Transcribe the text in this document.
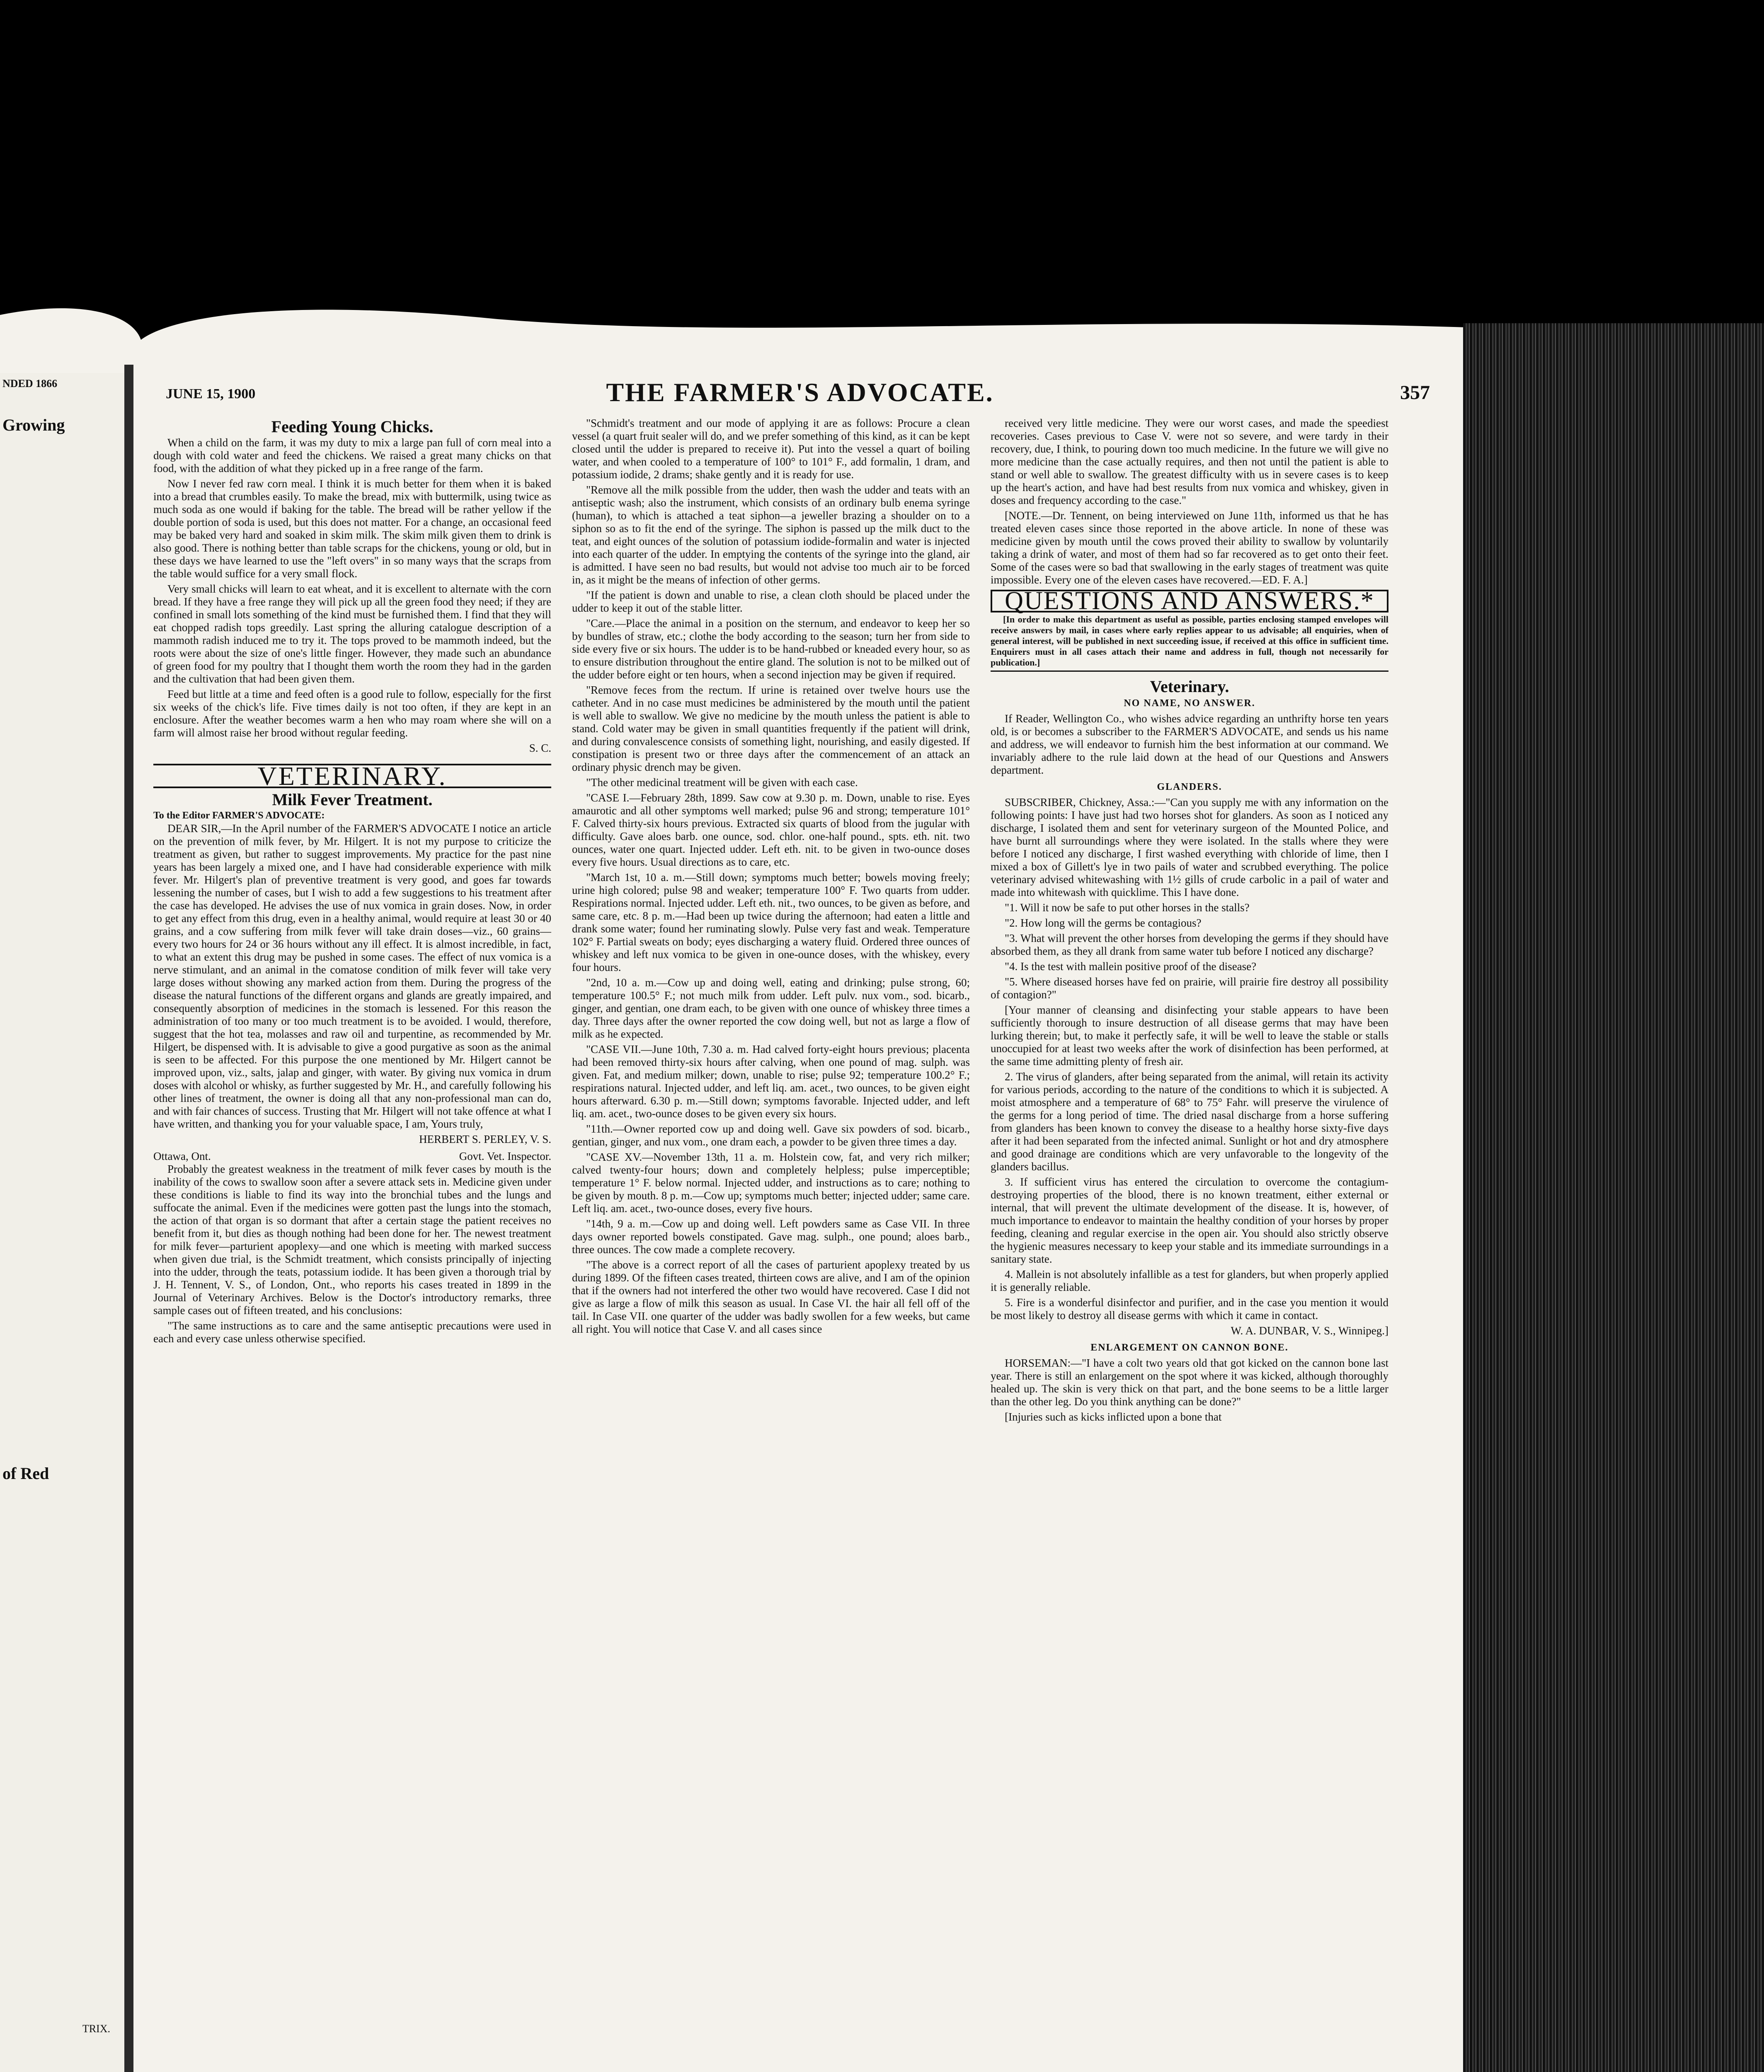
NDED 1866
Growing
of Red
TRIX.
JUNE 15, 1900	THE FARMER'S ADVOCATE.	357
Feeding Young Chicks.

When a child on the farm, it was my duty to mix a large pan full of corn meal into a dough with cold water and feed the chickens. We raised a great many chicks on that food, with the addition of what they picked up in a free range of the farm.

Now I never fed raw corn meal. I think it is much better for them when it is baked into a bread that crumbles easily. To make the bread, mix with buttermilk, using twice as much soda as one would if baking for the table. The bread will be rather yellow if the double portion of soda is used, but this does not matter. For a change, an occasional feed may be baked very hard and soaked in skim milk. The skim milk given them to drink is also good. There is nothing better than table scraps for the chickens, young or old, but in these days we have learned to use the "left overs" in so many ways that the scraps from the table would suffice for a very small flock.

Very small chicks will learn to eat wheat, and it is excellent to alternate with the corn bread. If they have a free range they will pick up all the green food they need; if they are confined in small lots something of the kind must be furnished them. I find that they will eat chopped radish tops greedily. Last spring the alluring catalogue description of a mammoth radish induced me to try it. The tops proved to be mammoth indeed, but the roots were about the size of one's little finger. However, they made such an abundance of green food for my poultry that I thought them worth the room they had in the garden and the cultivation that had been given them.

Feed but little at a time and feed often is a good rule to follow, especially for the first six weeks of the chick's life. Five times daily is not too often, if they are kept in an enclosure. After the weather becomes warm a hen who may roam where she will on a farm will almost raise her brood without regular feeding.

S. C.
VETERINARY.
Milk Fever Treatment.
To the Editor FARMER'S ADVOCATE:

DEAR SIR,—In the April number of the FARMER'S ADVOCATE I notice an article on the prevention of milk fever, by Mr. Hilgert. It is not my purpose to criticize the treatment as given, but rather to suggest improvements. My practice for the past nine years has been largely a mixed one, and I have had considerable experience with milk fever. Mr. Hilgert's plan of preventive treatment is very good, and goes far towards lessening the number of cases, but I wish to add a few suggestions to his treatment after the case has developed. He advises the use of nux vomica in grain doses. Now, in order to get any effect from this drug, even in a healthy animal, would require at least 30 or 40 grains, and a cow suffering from milk fever will take drain doses—viz., 60 grains—every two hours for 24 or 36 hours without any ill effect. It is almost incredible, in fact, to what an extent this drug may be pushed in some cases. The effect of nux vomica is a nerve stimulant, and an animal in the comatose condition of milk fever will take very large doses without showing any marked action from them. During the progress of the disease the natural functions of the different organs and glands are greatly impaired, and consequently absorption of medicines in the stomach is lessened. For this reason the administration of too many or too much treatment is to be avoided. I would, therefore, suggest that the hot tea, molasses and raw oil and turpentine, as recommended by Mr. Hilgert, be dispensed with. It is advisable to give a good purgative as soon as the animal is seen to be affected. For this purpose the one mentioned by Mr. Hilgert cannot be improved upon, viz., salts, jalap and ginger, with water. By giving nux vomica in drum doses with alcohol or whisky, as further suggested by Mr. H., and carefully following his other lines of treatment, the owner is doing all that any non-professional man can do, and with fair chances of success. Trusting that Mr. Hilgert will not take offence at what I have written, and thanking you for your valuable space, I am, Yours truly,

HERBERT S. PERLEY, V. S.
Ottawa, Ont.	Govt. Vet. Inspector.

Probably the greatest weakness in the treatment of milk fever cases by mouth is the inability of the cows to swallow soon after a severe attack sets in. Medicine given under these conditions is liable to find its way into the bronchial tubes and the lungs and suffocate the animal. Even if the medicines were gotten past the lungs into the stomach, the action of that organ is so dormant that after a certain stage the patient receives no benefit from it, but dies as though nothing had been done for her. The newest treatment for milk fever—parturient apoplexy—and one which is meeting with marked success when given due trial, is the Schmidt treatment, which consists principally of injecting into the udder, through the teats, potassium iodide. It has been given a thorough trial by J. H. Tennent, V. S., of London, Ont., who reports his cases treated in 1899 in the Journal of Veterinary Archives. Below is the Doctor's introductory remarks, three sample cases out of fifteen treated, and his conclusions:

"The same instructions as to care and the same antiseptic precautions were used in each and every case unless otherwise specified.

"Schmidt's treatment and our mode of applying it are as follows: Procure a clean vessel (a quart fruit sealer will do, and we prefer something of this kind, as it can be kept closed until the udder is prepared to receive it). Put into the vessel a quart of boiling water, and when cooled to a temperature of 100° to 101° F., add formalin, 1 dram, and potassium iodide, 2 drams; shake gently and it is ready for use.

"Remove all the milk possible from the udder, then wash the udder and teats with an antiseptic wash; also the instrument, which consists of an ordinary bulb enema syringe (human), to which is attached a teat siphon—a jeweller brazing a shoulder on to a siphon so as to fit the end of the syringe. The siphon is passed up the milk duct to the teat, and eight ounces of the solution of potassium iodide-formalin and water is injected into each quarter of the udder. In emptying the contents of the syringe into the gland, air is admitted. I have seen no bad results, but would not advise too much air to be forced in, as it might be the means of infection of other germs.

"If the patient is down and unable to rise, a clean cloth should be placed under the udder to keep it out of the stable litter.

"Care.—Place the animal in a position on the sternum, and endeavor to keep her so by bundles of straw, etc.; clothe the body according to the season; turn her from side to side every five or six hours. The udder is to be hand-rubbed or kneaded every hour, so as to ensure distribution throughout the entire gland. The solution is not to be milked out of the udder before eight or ten hours, when a second injection may be given if required.

"Remove feces from the rectum. If urine is retained over twelve hours use the catheter. And in no case must medicines be administered by the mouth until the patient is well able to swallow. We give no medicine by the mouth unless the patient is able to stand. Cold water may be given in small quantities frequently if the patient will drink, and during convalescence consists of something light, nourishing, and easily digested. If constipation is present two or three days after the commencement of an attack an ordinary physic drench may be given.

"The other medicinal treatment will be given with each case.

"CASE I.—February 28th, 1899. Saw cow at 9.30 p. m. Down, unable to rise. Eyes amaurotic and all other symptoms well marked; pulse 96 and strong; temperature 101° F. Calved thirty-six hours previous. Extracted six quarts of blood from the jugular with difficulty. Gave aloes barb. one ounce, sod. chlor. one-half pound., spts. eth. nit. two ounces, water one quart. Injected udder. Left eth. nit. to be given in two-ounce doses every five hours. Usual directions as to care, etc.

"March 1st, 10 a. m.—Still down; symptoms much better; bowels moving freely; urine high colored; pulse 98 and weaker; temperature 100° F. Two quarts from udder. Respirations normal. Injected udder. Left eth. nit., two ounces, to be given as before, and same care, etc. 8 p. m.—Had been up twice during the afternoon; had eaten a little and drank some water; found her ruminating slowly. Pulse very fast and weak. Temperature 102° F. Partial sweats on body; eyes discharging a watery fluid. Ordered three ounces of whiskey and left nux vomica to be given in one-ounce doses, with the whiskey, every four hours.

"2nd, 10 a. m.—Cow up and doing well, eating and drinking; pulse strong, 60; temperature 100.5° F.; not much milk from udder. Left pulv. nux vom., sod. bicarb., ginger, and gentian, one dram each, to be given with one ounce of whiskey three times a day. Three days after the owner reported the cow doing well, but not as large a flow of milk as he expected.

"CASE VII.—June 10th, 7.30 a. m. Had calved forty-eight hours previous; placenta had been removed thirty-six hours after calving, when one pound of mag. sulph. was given. Fat, and medium milker; down, unable to rise; pulse 92; temperature 100.2° F.; respirations natural. Injected udder, and left liq. am. acet., two ounces, to be given eight hours afterward. 6.30 p. m.—Still down; symptoms favorable. Injected udder, and left liq. am. acet., two-ounce doses to be given every six hours.

"11th.—Owner reported cow up and doing well. Gave six powders of sod. bicarb., gentian, ginger, and nux vom., one dram each, a powder to be given three times a day.

"CASE XV.—November 13th, 11 a. m. Holstein cow, fat, and very rich milker; calved twenty-four hours; down and completely helpless; pulse imperceptible; temperature 1° F. below normal. Injected udder, and instructions as to care; nothing to be given by mouth. 8 p. m.—Cow up; symptoms much better; injected udder; same care. Left liq. am. acet., two-ounce doses, every five hours.

"14th, 9 a. m.—Cow up and doing well. Left powders same as Case VII. In three days owner reported bowels constipated. Gave mag. sulph., one pound; aloes barb., three ounces. The cow made a complete recovery.

"The above is a correct report of all the cases of parturient apoplexy treated by us during 1899. Of the fifteen cases treated, thirteen cows are alive, and I am of the opinion that if the owners had not interfered the other two would have recovered. Case I did not give as large a flow of milk this season as usual. In Case VI. the hair all fell off of the tail. In Case VII. one quarter of the udder was badly swollen for a few weeks, but came all right. You will notice that Case V. and all cases since

received very little medicine. They were our worst cases, and made the speediest recoveries. Cases previous to Case V. were not so severe, and were tardy in their recovery, due, I think, to pouring down too much medicine. In the future we will give no more medicine than the case actually requires, and then not until the patient is able to stand or well able to swallow. The greatest difficulty with us in severe cases is to keep up the heart's action, and have had best results from nux vomica and whiskey, given in doses and frequency according to the case."

[NOTE.—Dr. Tennent, on being interviewed on June 11th, informed us that he has treated eleven cases since those reported in the above article. In none of these was medicine given by mouth until the cows proved their ability to swallow by voluntarily taking a drink of water, and most of them had so far recovered as to get onto their feet. Some of the cases were so bad that swallowing in the early stages of treatment was quite impossible. Every one of the eleven cases have recovered.—ED. F. A.]

QUESTIONS AND ANSWERS.*
[In order to make this department as useful as possible, parties enclosing stamped envelopes will receive answers by mail, in cases where early replies appear to us advisable; all enquiries, when of general interest, will be published in next succeeding issue, if received at this office in sufficient time. Enquirers must in all cases attach their name and address in full, though not necessarily for publication.]
Veterinary.
NO NAME, NO ANSWER.

If Reader, Wellington Co., who wishes advice regarding an unthrifty horse ten years old, is or becomes a subscriber to the FARMER'S ADVOCATE, and sends us his name and address, we will endeavor to furnish him the best information at our command. We invariably adhere to the rule laid down at the head of our Questions and Answers department.

GLANDERS.

SUBSCRIBER, Chickney, Assa.:—"Can you supply me with any information on the following points: I have just had two horses shot for glanders. As soon as I noticed any discharge, I isolated them and sent for veterinary surgeon of the Mounted Police, and have burnt all surroundings where they were isolated. In the stalls where they were before I noticed any discharge, I first washed everything with chloride of lime, then I mixed a box of Gillett's lye in two pails of water and scrubbed everything. The police veterinary advised whitewashing with 1½ gills of crude carbolic in a pail of water and made into whitewash with quicklime. This I have done.

"1. Will it now be safe to put other horses in the stalls?

"2. How long will the germs be contagious?

"3. What will prevent the other horses from developing the germs if they should have absorbed them, as they all drank from same water tub before I noticed any discharge?

"4. Is the test with mallein positive proof of the disease?

"5. Where diseased horses have fed on prairie, will prairie fire destroy all possibility of contagion?"

[Your manner of cleansing and disinfecting your stable appears to have been sufficiently thorough to insure destruction of all disease germs that may have been lurking therein; but, to make it perfectly safe, it will be well to leave the stable or stalls unoccupied for at least two weeks after the work of disinfection has been performed, at the same time admitting plenty of fresh air.

2. The virus of glanders, after being separated from the animal, will retain its activity for various periods, according to the nature of the conditions to which it is subjected. A moist atmosphere and a temperature of 68° to 75° Fahr. will preserve the virulence of the germs for a long period of time. The dried nasal discharge from a horse suffering from glanders has been known to convey the disease to a healthy horse sixty-five days after it had been separated from the infected animal. Sunlight or hot and dry atmosphere and good drainage are conditions which are very unfavorable to the longevity of the glanders bacillus.

3. If sufficient virus has entered the circulation to overcome the contagium-destroying properties of the blood, there is no known treatment, either external or internal, that will prevent the ultimate development of the disease. It is, however, of much importance to endeavor to maintain the healthy condition of your horses by proper feeding, cleaning and regular exercise in the open air. You should also strictly observe the hygienic measures necessary to keep your stable and its immediate surroundings in a sanitary state.

4. Mallein is not absolutely infallible as a test for glanders, but when properly applied it is generally reliable.

5. Fire is a wonderful disinfector and purifier, and in the case you mention it would be most likely to destroy all disease germs with which it came in contact.

W. A. DUNBAR, V. S., Winnipeg.]
ENLARGEMENT ON CANNON BONE.

HORSEMAN:—"I have a colt two years old that got kicked on the cannon bone last year. There is still an enlargement on the spot where it was kicked, although thoroughly healed up. The skin is very thick on that part, and the bone seems to be a little larger than the other leg. Do you think anything can be done?"

[Injuries such as kicks inflicted upon a bone that
